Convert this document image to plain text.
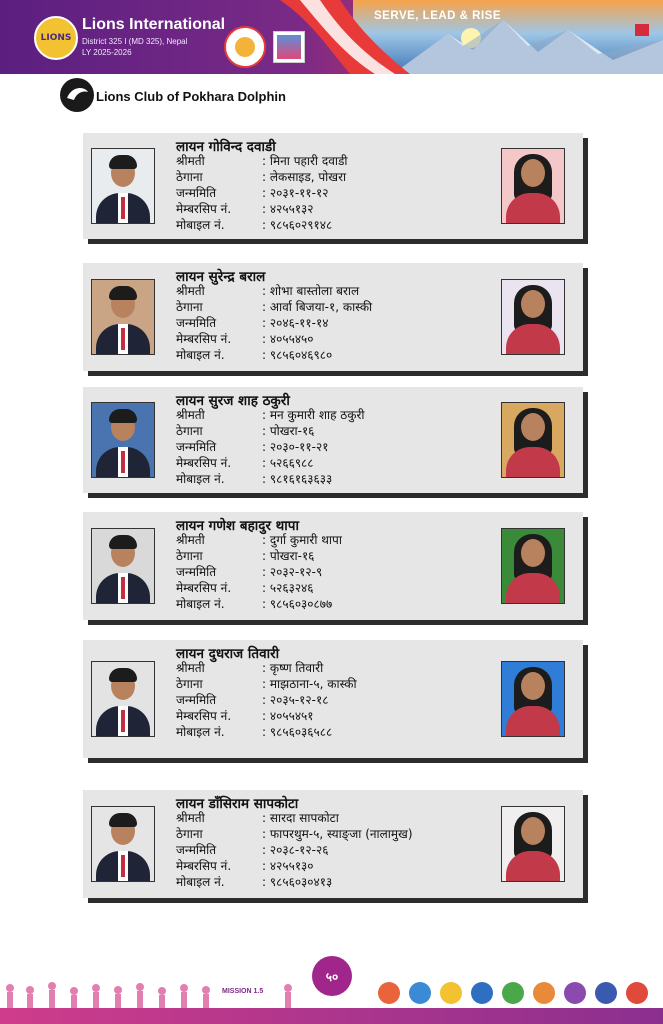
LIONS
Lions International
District 325 I (MD 325), Nepal
LY 2025-2026
SERVE, LEAD & RISE
Lions Club of Pokhara Dolphin
लायन गोविन्द दवाडी
श्रीमती	: मिना पहारी दवाडी
ठेगाना	: लेकसाइड, पोखरा
जन्ममिति	: २०३१-११-१२
मेम्बरसिप नं.	: ४२५५१३२
मोबाइल नं.	: ९८५६०२९१४८
लायन सुरेन्द्र बराल
श्रीमती	: शोभा बास्तोला बराल
ठेगाना	: आर्वा बिजया-१, कास्की
जन्ममिति	: २०४६-११-१४
मेम्बरसिप नं.	: ४०५५४५०
मोबाइल नं.	: ९८५६०४६९८०
लायन सुरज शाह ठकुरी
श्रीमती	: मन कुमारी शाह ठकुरी
ठेगाना	: पोखरा-१६
जन्ममिति	: २०३०-११-२१
मेम्बरसिप नं.	: ५२६६९८८
मोबाइल नं.	: ९८१६१६३६३३
लायन गणेश बहादुर थापा
श्रीमती	: दुर्गा कुमारी थापा
ठेगाना	: पोखरा-१६
जन्ममिति	: २०३२-१२-९
मेम्बरसिप नं.	: ५२६३२४६
मोबाइल नं.	: ९८५६०३०८७७
लायन दुधराज तिवारी
श्रीमती	: कृष्ण तिवारी
ठेगाना	: माझठाना-५, कास्की
जन्ममिति	: २०३५-१२-१८
मेम्बरसिप नं.	: ४०५५४५१
मोबाइल नं.	: ९८५६०३६५८८
लायन डाँसिराम सापकोटा
श्रीमती	: सारदा सापकोटा
ठेगाना	: फापरथुम-५, स्याङ्जा (नालामुख)
जन्ममिति	: २०३८-१२-२६
मेम्बरसिप नं.	: ४२५५१३०
मोबाइल नं.	: ९८५६०३०४१३
MISSION 1.5
५०
